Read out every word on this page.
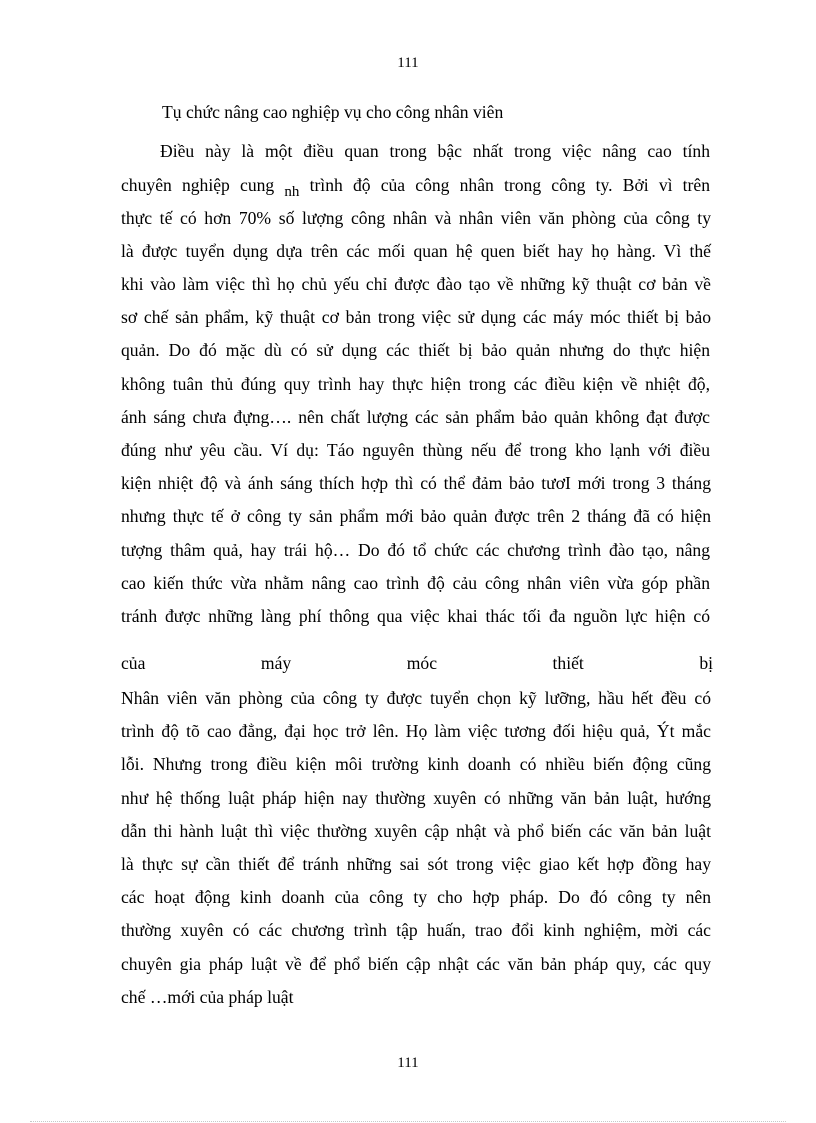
111

Tụ chức nâng cao nghiệp vụ cho công nhân viên

Điều này là một điều quan trong bậc nhất trong việc nâng cao tính

chuyên nghiệp cung nh trình độ của công nhân trong công ty. Bởi vì trên

thực tế có hơn 70% số lượng công nhân và nhân viên văn phòng của công ty

là được tuyển dụng dựa trên các mối quan hệ quen biết hay họ hàng. Vì thế

khi vào làm việc thì họ chủ yếu chỉ được đào tạo về những kỹ thuật cơ bản về

sơ chế sản phẩm, kỹ thuật cơ bản trong việc sử dụng các máy móc thiết bị bảo

quản. Do đó mặc dù có sử dụng các thiết bị bảo quản nhưng do thực hiện

không tuân thủ đúng quy trình hay thực hiện trong các điều kiện về nhiệt độ,

ánh sáng chưa đựng…. nên chất lượng các sản phẩm bảo quản không đạt được

đúng như yêu cầu. Ví dụ: Táo nguyên thùng nếu để trong kho lạnh với điều

kiện nhiệt độ và ánh sáng thích hợp thì có thể đảm bảo tươI mới trong 3 tháng

nhưng thực tế ở công ty sản phẩm mới bảo quản được trên 2 tháng đã có hiện

tượng thâm quả, hay trái hộ… Do đó tổ chức các chương trình đào tạo, nâng

cao kiến thức vừa nhằm nâng cao trình độ cảu công nhân viên vừa góp phần

tránh được những làng phí thông qua việc khai thác tối đa nguồn lực hiện có

của máy móc thiết bị

Nhân viên văn phòng của công ty được tuyển chọn kỹ lưỡng, hầu hết đều có

trình độ tõ cao đẳng, đại học trở lên. Họ làm việc tương đối hiệu quả, Ýt mắc

lỗi. Nhưng trong điều kiện môi trường kinh doanh có nhiều biến động cũng

như hệ thống luật pháp hiện nay thường xuyên có những văn bản luật, hướng

dẫn thi hành luật thì việc thường xuyên cập nhật và phổ biến các văn bản luật

là thực sự cần thiết để tránh những sai sót trong việc giao kết hợp đồng hay

các hoạt động kinh doanh của công ty cho hợp pháp. Do đó công ty nên

thường xuyên có các chương trình tập huấn, trao đổi kinh nghiệm, mời các

chuyên gia pháp luật về để phổ biến cập nhật các văn bản pháp quy, các quy

chế …mới của pháp luật

111
